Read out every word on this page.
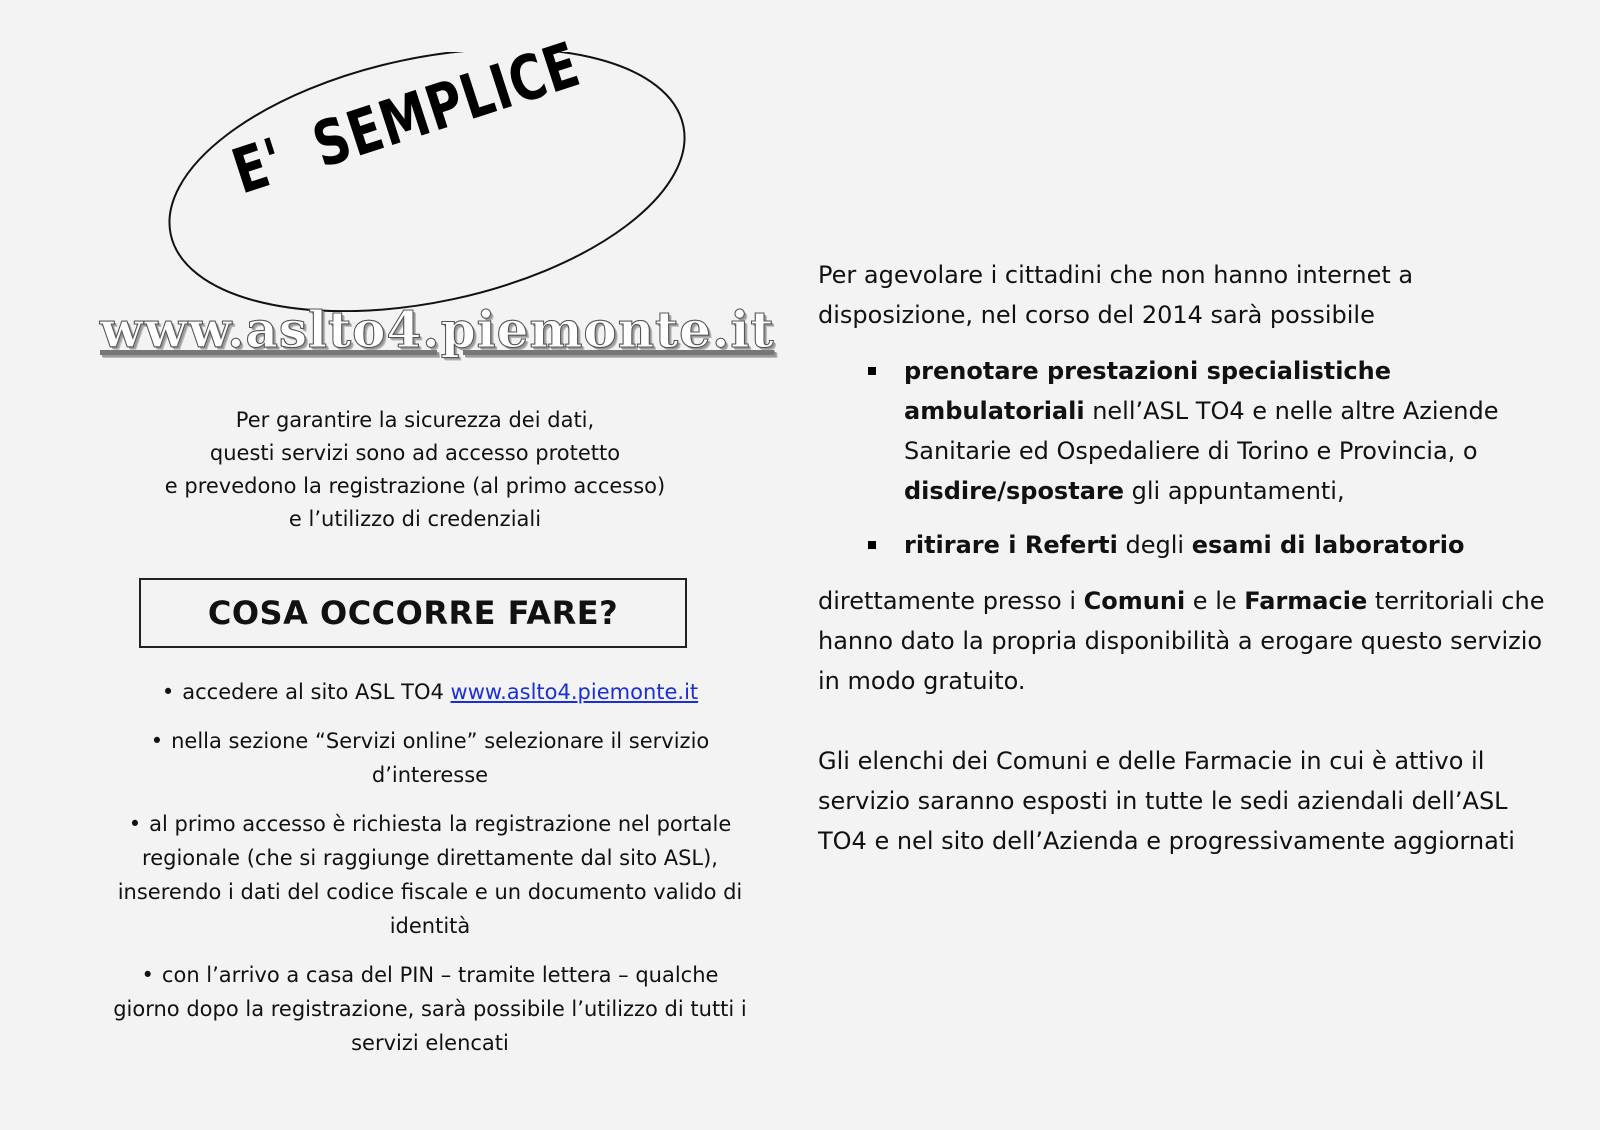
E'  SEMPLICE
www.aslto4.piemonte.it
Per garantire la sicurezza dei dati,
questi servizi sono ad accesso protetto
e prevedono la registrazione (al primo accesso)
e l’utilizzo di credenziali
COSA OCCORRE FARE?
• accedere al sito ASL TO4 www.aslto4.piemonte.it
• nella sezione “Servizi online” selezionare il servizio d’interesse
• al primo accesso è richiesta la registrazione nel portale regionale (che si raggiunge direttamente dal sito ASL), inserendo i dati del codice fiscale e un documento valido di identità
• con l’arrivo a casa del PIN – tramite lettera – qualche giorno dopo la registrazione, sarà possibile l’utilizzo di tutti i servizi elencati

Per agevolare i cittadini che non hanno internet a disposizione, nel corso del 2014 sarà possibile

prenotare prestazioni specialistiche ambulatoriali nell’ASL TO4 e nelle altre Aziende Sanitarie ed Ospedaliere di Torino e Provincia, o disdire/spostare gli appuntamenti,
ritirare i Referti degli esami di laboratorio

direttamente presso i Comuni e le Farmacie territoriali che hanno dato la propria disponibilità a erogare questo servizio in modo gratuito.

Gli elenchi dei Comuni e delle Farmacie in cui è attivo il servizio saranno esposti in tutte le sedi aziendali dell’ASL TO4 e nel sito dell’Azienda e progressivamente aggiornati
